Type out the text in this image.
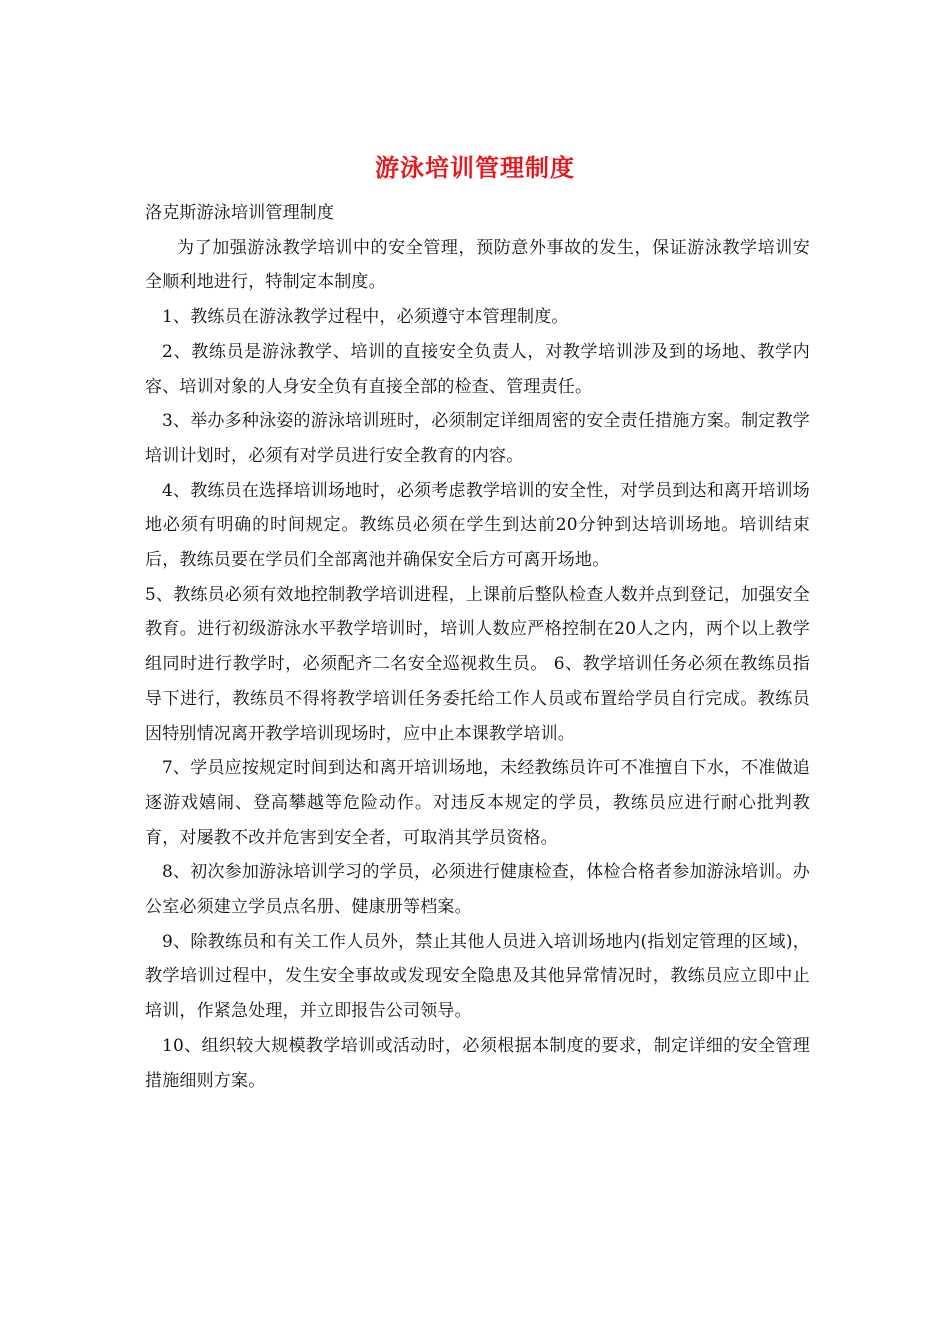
游泳培训管理制度

洛克斯游泳培训管理制度

为了加强游泳教学培训中的安全管理，预防意外事故的发生，保证游泳教学培训安全顺利地进行，特制定本制度。

1、教练员在游泳教学过程中，必须遵守本管理制度。

2、教练员是游泳教学、培训的直接安全负责人，对教学培训涉及到的场地、教学内容、培训对象的人身安全负有直接全部的检查、管理责任。

3、举办多种泳姿的游泳培训班时，必须制定详细周密的安全责任措施方案。制定教学培训计划时，必须有对学员进行安全教育的内容。

4、教练员在选择培训场地时，必须考虑教学培训的安全性，对学员到达和离开培训场地必须有明确的时间规定。教练员必须在学生到达前20分钟到达培训场地。培训结束后，教练员要在学员们全部离池并确保安全后方可离开场地。

5、教练员必须有效地控制教学培训进程，上课前后整队检查人数并点到登记，加强安全教育。进行初级游泳水平教学培训时，培训人数应严格控制在20人之内，两个以上教学组同时进行教学时，必须配齐二名安全巡视救生员。 6、教学培训任务必须在教练员指导下进行，教练员不得将教学培训任务委托给工作人员或布置给学员自行完成。教练员因特别情况离开教学培训现场时，应中止本课教学培训。

7、学员应按规定时间到达和离开培训场地，未经教练员许可不准擅自下水，不准做追逐游戏嬉闹、登高攀越等危险动作。对违反本规定的学员，教练员应进行耐心批判教育，对屡教不改并危害到安全者，可取消其学员资格。

8、初次参加游泳培训学习的学员，必须进行健康检查，体检合格者参加游泳培训。办公室必须建立学员点名册、健康册等档案。

9、除教练员和有关工作人员外，禁止其他人员进入培训场地内(指划定管理的区域)，教学培训过程中，发生安全事故或发现安全隐患及其他异常情况时，教练员应立即中止培训，作紧急处理，并立即报告公司领导。

10、组织较大规模教学培训或活动时，必须根据本制度的要求，制定详细的安全管理措施细则方案。
